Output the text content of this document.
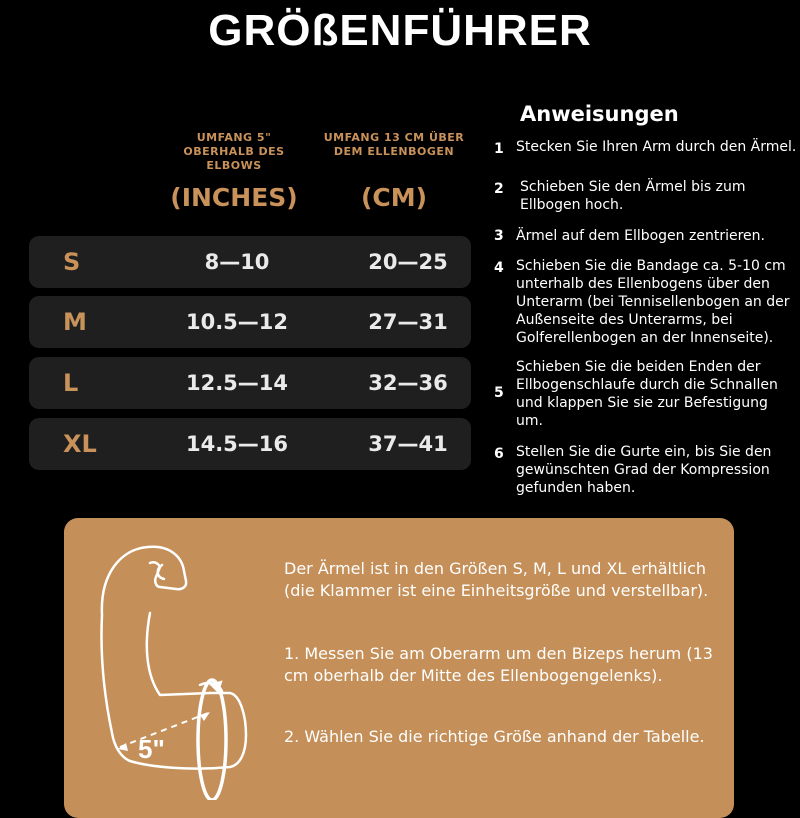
GRÖßENFÜHRER
UMFANG 5" OBERHALB DES ELBOWS
(INCHES)
UMFANG 13 CM ÜBER DEM ELLENBOGEN
(CM)
S	8—10	20—25
M	10.5—12	27—31
L	12.5—14	32—36
XL	14.5—16	37—41
Anweisungen
1 Stecken Sie Ihren Arm durch den Ärmel.
2 Schieben Sie den Ärmel bis zum Ellbogen hoch.
3 Ärmel auf dem Ellbogen zentrieren.
4 Schieben Sie die Bandage ca. 5-10 cm unterhalb des Ellenbogens über den Unterarm (bei Tennisellenbogen an der Außenseite des Unterarms, bei Golferellenbogen an der Innenseite).
5
Schieben Sie die beiden Enden der Ellbogenschlaufe durch die Schnallen und klappen Sie sie zur Befestigung um.
6 Stellen Sie die Gurte ein, bis Sie den gewünschten Grad der Kompression gefunden haben.
5"
Der Ärmel ist in den Größen S, M, L und XL erhältlich (die Klammer ist eine Einheitsgröße und verstellbar).
1. Messen Sie am Oberarm um den Bizeps herum (13 cm oberhalb der Mitte des Ellenbogengelenks).
2. Wählen Sie die richtige Größe anhand der Tabelle.
